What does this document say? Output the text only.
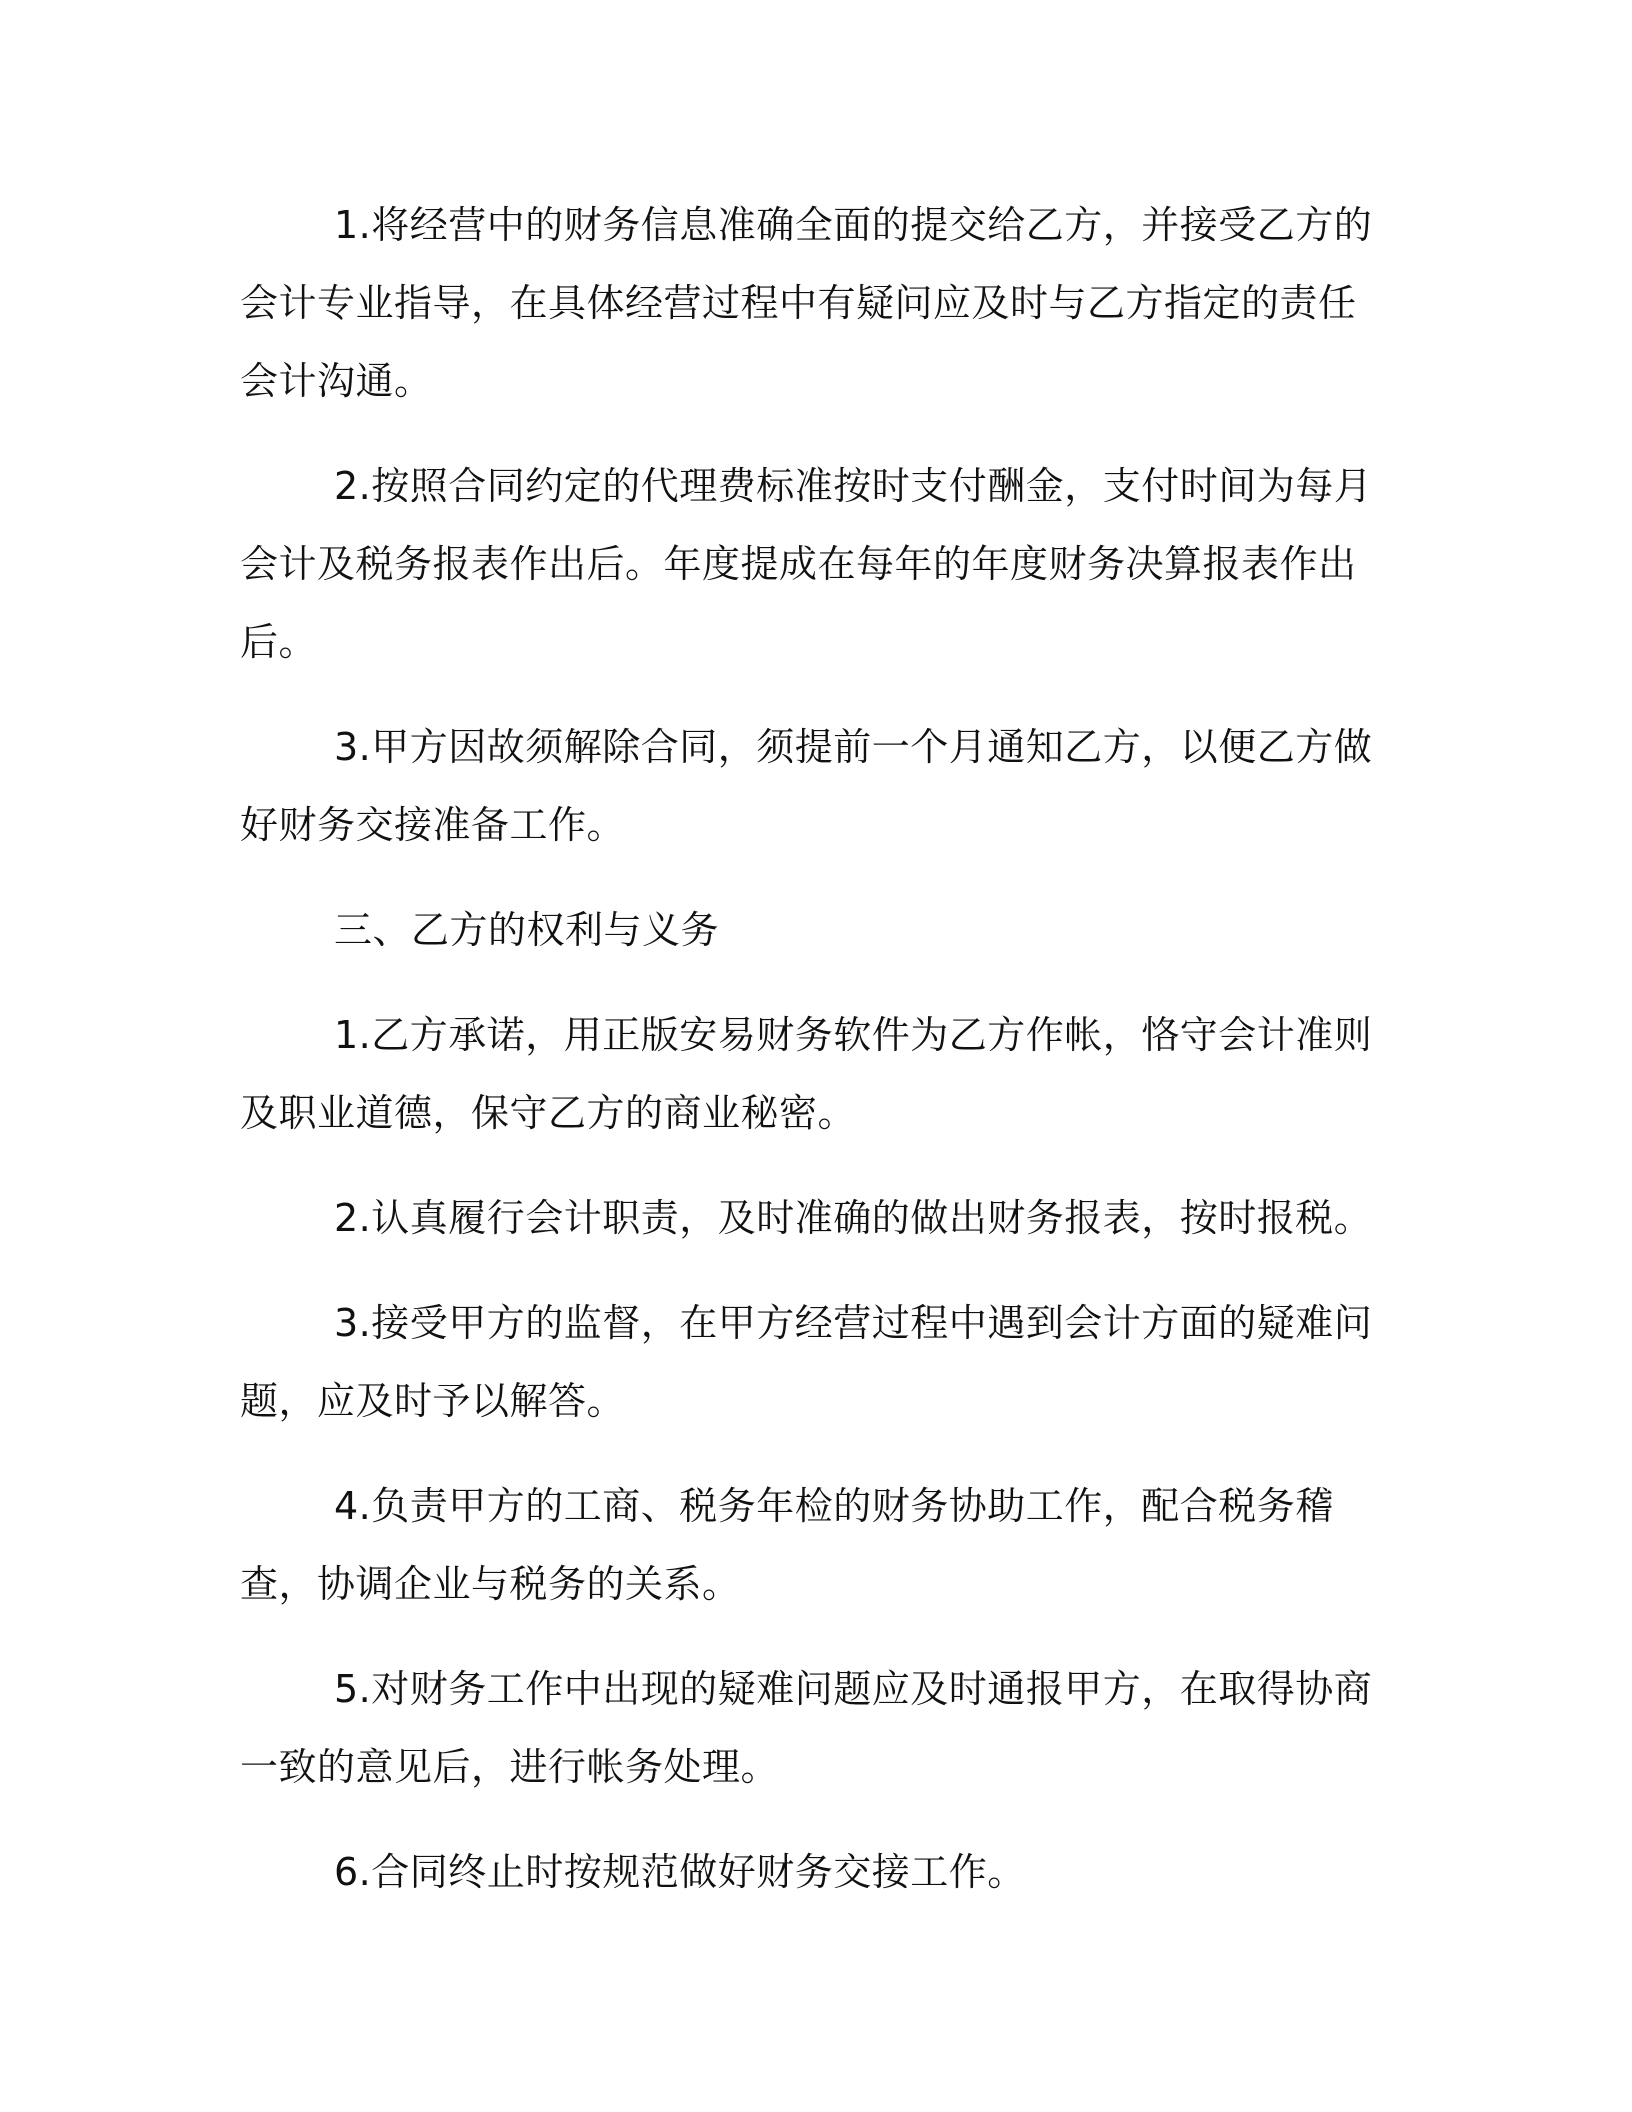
1.将经营中的财务信息准确全面的提交给乙方，并接受乙方的会计专业指导，在具体经营过程中有疑问应及时与乙方指定的责任会计沟通。

2.按照合同约定的代理费标准按时支付酬金，支付时间为每月会计及税务报表作出后。年度提成在每年的年度财务决算报表作出后。

3.甲方因故须解除合同，须提前一个月通知乙方，以便乙方做好财务交接准备工作。

三、乙方的权利与义务

1.乙方承诺，用正版安易财务软件为乙方作帐，恪守会计准则及职业道德，保守乙方的商业秘密。

2.认真履行会计职责，及时准确的做出财务报表，按时报税。

3.接受甲方的监督，在甲方经营过程中遇到会计方面的疑难问题，应及时予以解答。

4.负责甲方的工商、税务年检的财务协助工作，配合税务稽查，协调企业与税务的关系。

5.对财务工作中出现的疑难问题应及时通报甲方，在取得协商一致的意见后，进行帐务处理。

6.合同终止时按规范做好财务交接工作。
